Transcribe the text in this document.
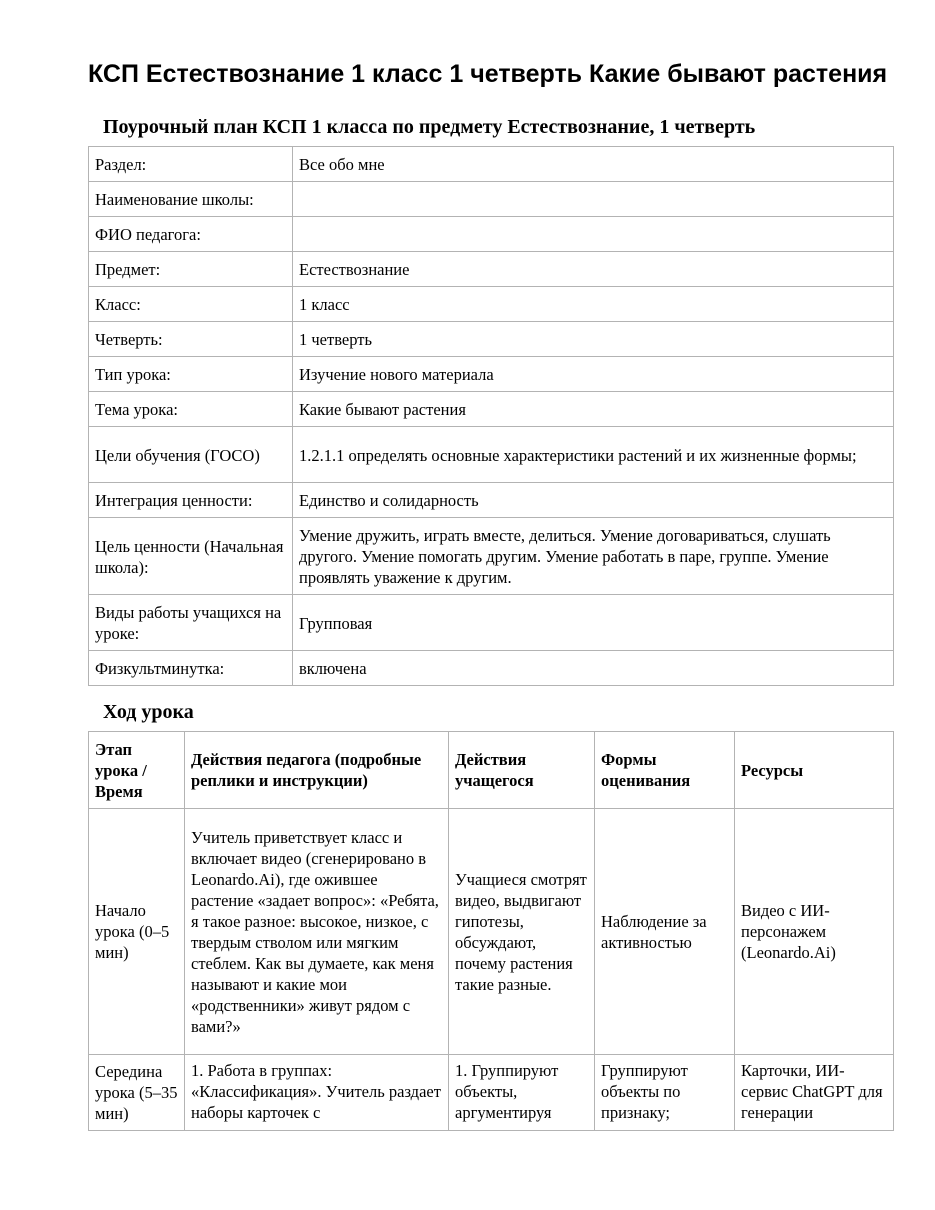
КСП Естествознание 1 класс 1 четверть Какие бывают растения
Поурочный план КСП 1 класса по предмету Естествознание, 1 четверть
Раздел:	Все обо мне
Наименование школы:	
ФИО педагога:	
Предмет:	Естествознание
Класс:	1 класс
Четверть:	1 четверть
Тип урока:	Изучение нового материала
Тема урока:	Какие бывают растения
Цели обучения (ГОСО)	1.2.1.1 определять основные характеристики растений и их жизненные формы;
Интеграция ценности:	Единство и солидарность
Цель ценности (Начальная школа):	Умение дружить, играть вместе, делиться. Умение договариваться, слушать другого. Умение помогать другим. Умение работать в паре, группе. Умение проявлять уважение к другим.
Виды работы учащихся на уроке:	Групповая
Физкультминутка:	включена
Ход урока
Этап урока / Время	Действия педагога (подробные реплики и инструкции)	Действия учащегося	Формы оценивания	Ресурсы
Начало урока (0–5 мин)	Учитель приветствует класс и включает видео (сгенерировано в Leonardo.Ai), где ожившее растение «задает вопрос»: «Ребята, я такое разное: высокое, низкое, с твердым стволом или мягким стеблем. Как вы думаете, как меня называют и какие мои «родственники» живут рядом с вами?»	Учащиеся смотрят видео, выдвигают гипотезы, обсуждают, почему растения такие разные.	Наблюдение за активностью	Видео с ИИ-персонажем (Leonardo.Ai)
Середина урока (5–35 мин)	1. Работа в группах: «Классификация». Учитель раздает наборы карточек с	1. Группируют объекты, аргументируя	Группируют объекты по признаку;	Карточки, ИИ-сервис ChatGPT для генерации
